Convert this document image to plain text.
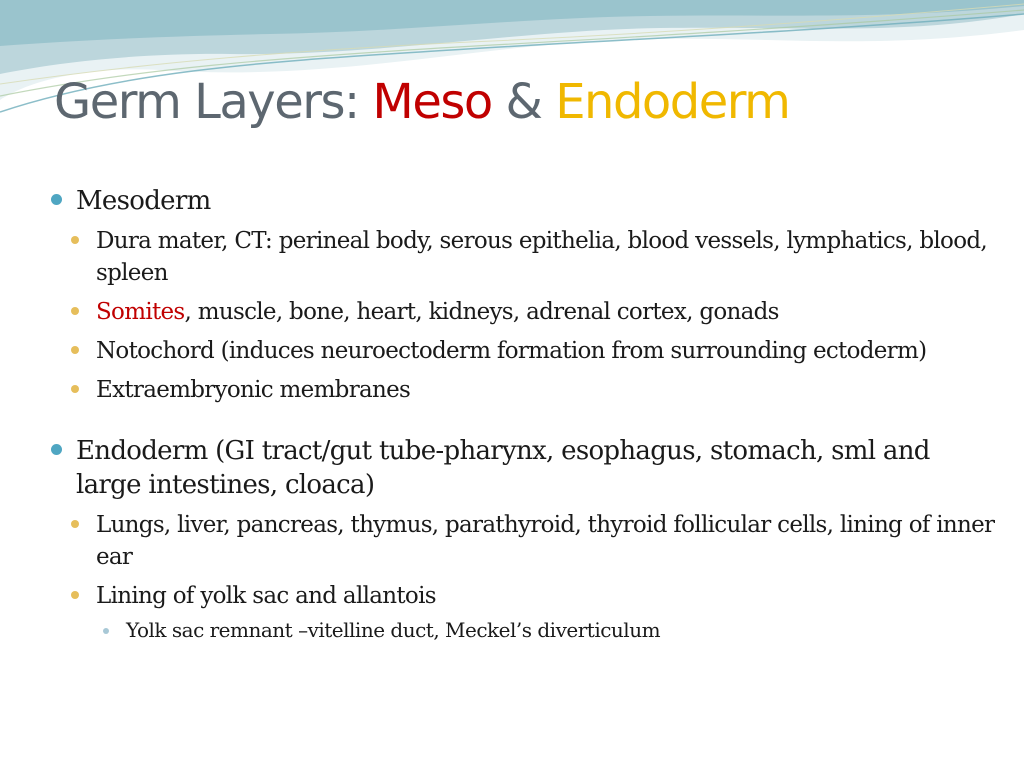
Germ Layers: Meso & Endoderm
Mesoderm
Dura mater, CT: perineal body, serous epithelia, blood vessels, lymphatics, blood, spleen
Somites, muscle, bone, heart, kidneys, adrenal cortex, gonads
Notochord (induces neuroectoderm formation from surrounding ectoderm)
Extraembryonic membranes
Endoderm (GI tract/gut tube-pharynx, esophagus, stomach, sml and large intestines, cloaca)
Lungs, liver, pancreas, thymus, parathyroid, thyroid follicular cells, lining of inner ear
Lining of yolk sac and allantois
Yolk sac remnant –vitelline duct, Meckel’s diverticulum
